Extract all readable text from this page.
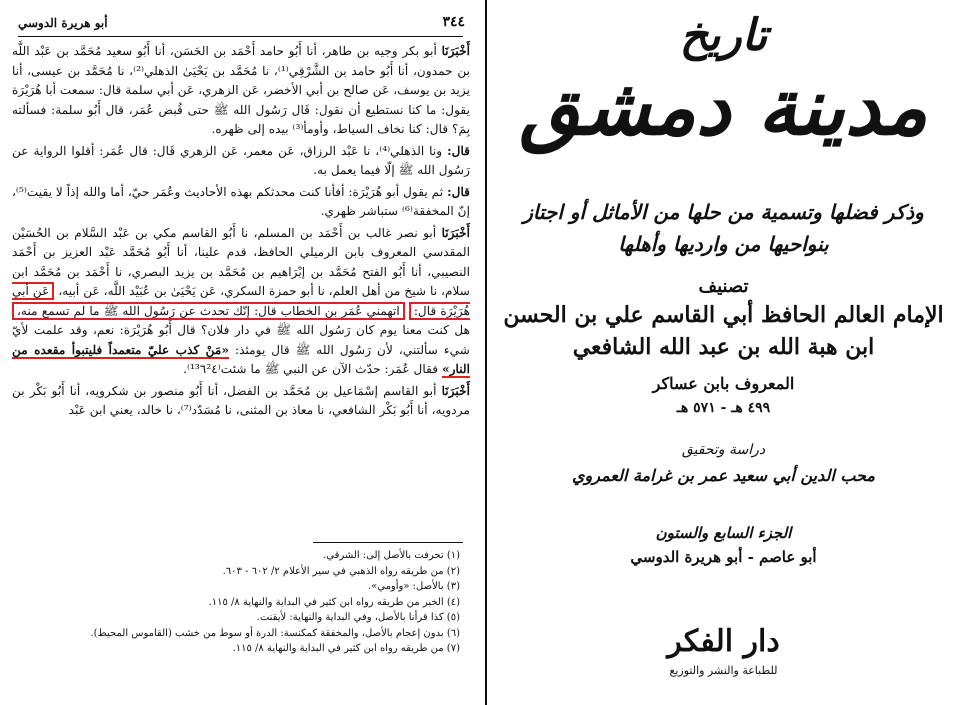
أبو هريرة الدوسي	٣٤٤

أَخْبَرَنَا أبو بكر وجيه بن طاهر، أنا أَبُو حامد أَحْمَد بن الحَسَن، أنا أَبُو سعيد مُحَمَّد بن عَبْد اللَّه بن حمدون، أنا أَبُو حامد بن الشَّرْقِي⁽¹⁾، نا مُحَمَّد بن يَحْيَىٰ الذهلي⁽²⁾، نا مُحَمَّد بن عيسى، أنا يزيد بن يوسف، عَن صالح بن أبي الأخضر، عَن الزهري، عَن أبي سلمة قال: سمعت أبا هُرَيْرَة يقول: ما كنا نستطيع أن نقول: قَال رَسُول الله ﷺ حتى قُبض عُمَر، قال أَبُو سلمة: فسألته بِمَ؟ قال: كنا نخاف السياط، وأومأ⁽³⁾ بيده إلى ظهره.

قال: ونا الذهلي⁽⁴⁾، نا عَبْد الرزاق، عَن معمر، عَن الزهري قَال: قال عُمَر: أقلوا الرواية عن رَسُول الله ﷺ إلّا فيما يعمل به.

قال: ثم يقول أبو هُرَيْرَة: أفأنا كنت محدثكم بهذه الأحاديث وعُمَر حيّ، أما والله إذاً لا يقيت⁽⁵⁾، إنّ المخفقة⁽⁶⁾ ستباشر ظهري.

أَخْبَرَنَا أبو نصر غالب بن أَحْمَد بن المسلم، نا أَبُو القاسم مكي بن عَبْد السَّلام بن الحُسَيْن المقدسي المعروف بابن الرميلي الحافظ، قدم علينا، أنا أَبُو مُحَمَّد عَبْد العزيز بن أَحْمَد النصيبي، أنا أَبُو الفتح مُحَمَّد بن إبْرَاهيم بن مُحَمَّد بن يزيد البصري، نا أَحْمَد بن مُحَمَّد ابن سلام، نا شيخ من أهل العلم، نا أبو حمزة السكري، عَن يَحْيَىٰ بن عُبَيْد اللَّه، عَن أبيه، عَن أبي هُرَيْرَة قال: اتهمني عُمَر بن الخطاب قال: إنّك تحدث عن رَسُول الله ﷺ ما لم تسمع منه، هل كنت معنا يوم كان رَسُول الله ﷺ في دار فلان؟ قال أَبُو هُرَيْرَة: نعم، وقد علمت لأيّ شيء سألتني، لأن رَسُول الله ﷺ قال يومئذ: «مَنْ كذب عليّ متعمداً فليتبوأ مقعده من النار» فقال عُمَر: حدّث الآن عن النبي ﷺ ما شئت⁽¹³٦²٤⁾.

أَخْبَرَنَا أبو القاسم إسْمَاعيل بن مُحَمَّد بن الفضل، أنا أَبُو منصور بن شكرويه، أنا أَبُو بَكْر بن مردويه، أنا أَبُو بَكْر الشافعي، نا معاذ بن المثنى، نا مُسَدّد⁽⁷⁾، نا خالد، يعني ابن عَبْد

(١) تحرفت بالأصل إلى: الشرقي.
(٢) من طريقه رواه الذهبي في سير الأعلام ٢/ ٦٠٢ - ٦٠٣.
(٣) بالأصل: «وأومي».
(٤) الخبر من طريقه رواه ابن كثير في البداية والنهاية ٨/ ١١٥.
(٥) كذا قرأنا بالأصل، وفي البداية والنهاية: لأيقنت.
(٦) بدون إعجام بالأصل، والمخفقة كمكنسة: الدرة أو سوط من خشب (القاموس المحيط).
(٧) من طريقه رواه ابن كثير في البداية والنهاية ٨/ ١١٥.
تاريخ
مدينة دمشق
وذكر فضلها وتسمية من حلها من الأماثل أو اجتاز
بنواحيها من وارديها وأهلها
تصنيف
الإمام العالم الحافظ أبي القاسم علي بن الحسن
ابن هبة الله بن عبد الله الشافعي
المعروف بابن عساكر
٤٩٩ هـ - ٥٧١ هـ
دراسة وتحقيق
محب الدين أبي سعيد عمر بن غرامة العمروي
الجزء السابع والستون
أبو عاصم - أبو هريرة الدوسي
دار الفكر
للطباعة والنشر والتوزيع
